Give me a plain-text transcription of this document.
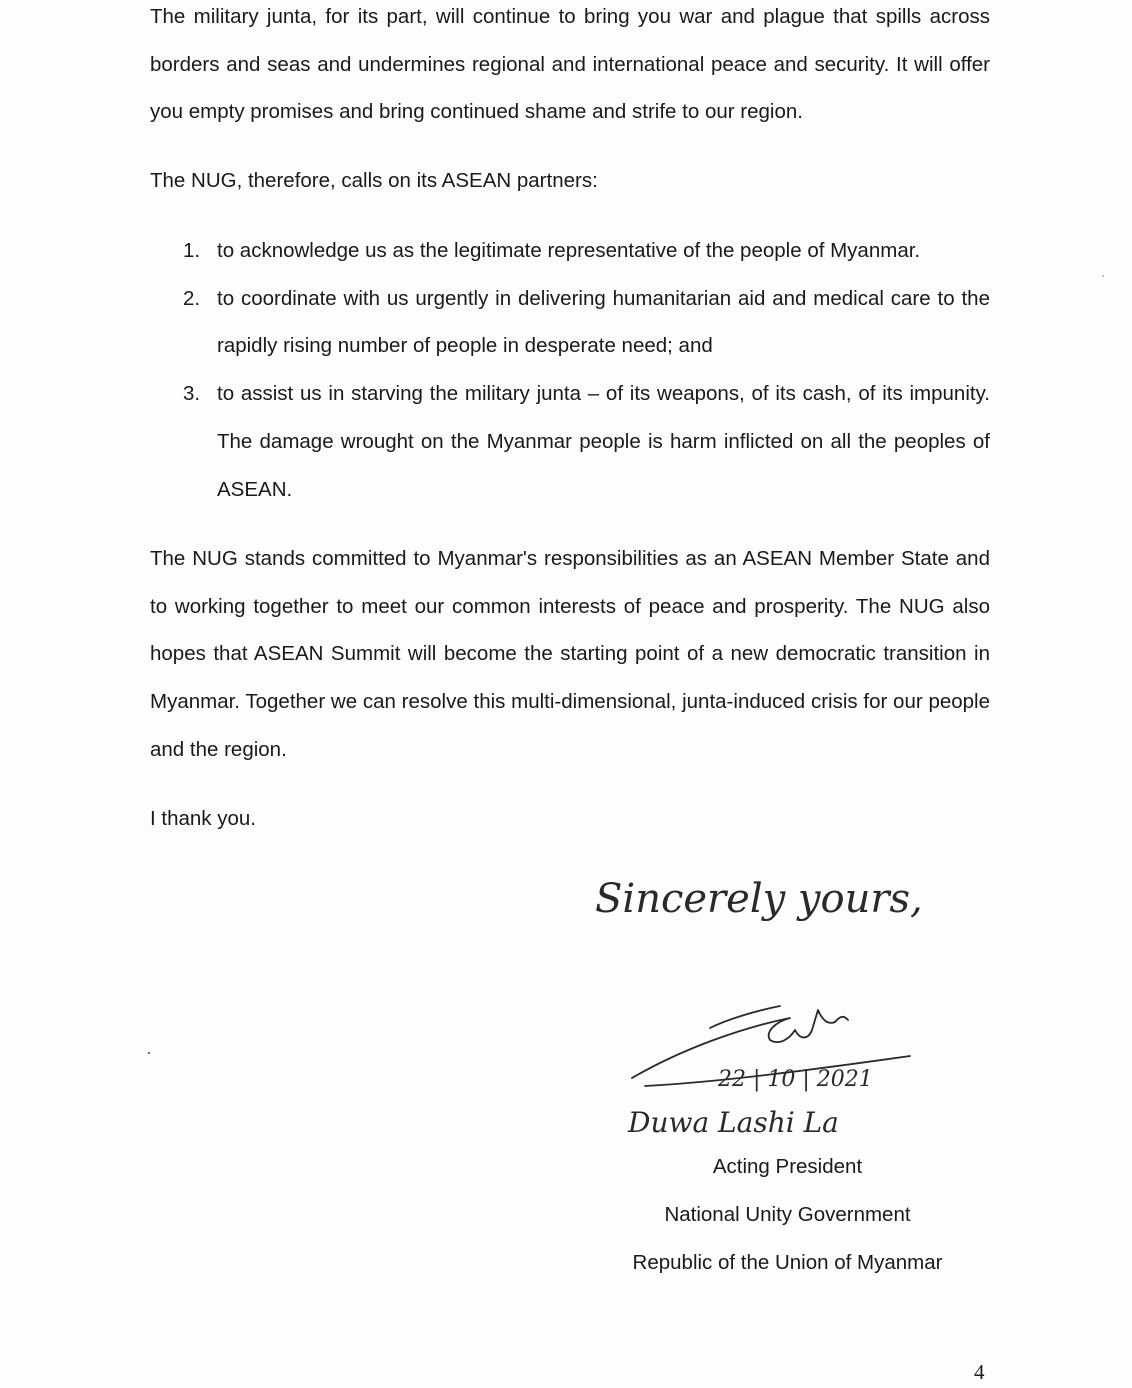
The military junta, for its part, will continue to bring you war and plague that spills across borders and seas and undermines regional and international peace and security. It will offer you empty promises and bring continued shame and strife to our region.

The NUG, therefore, calls on its ASEAN partners:

1. to acknowledge us as the legitimate representative of the people of Myanmar.
2. to coordinate with us urgently in delivering humanitarian aid and medical care to the rapidly rising number of people in desperate need; and
3. to assist us in starving the military junta – of its weapons, of its cash, of its impunity. The damage wrought on the Myanmar people is harm inflicted on all the peoples of ASEAN.

The NUG stands committed to Myanmar's responsibilities as an ASEAN Member State and to working together to meet our common interests of peace and prosperity. The NUG also hopes that ASEAN Summit will become the starting point of a new democratic transition in Myanmar. Together we can resolve this multi-dimensional, junta-induced crisis for our people and the region.

I thank you.

Sincerely yours,
22 | 10 | 2021
Duwa Lashi La
Acting President
National Unity Government
Republic of the Union of Myanmar
4
